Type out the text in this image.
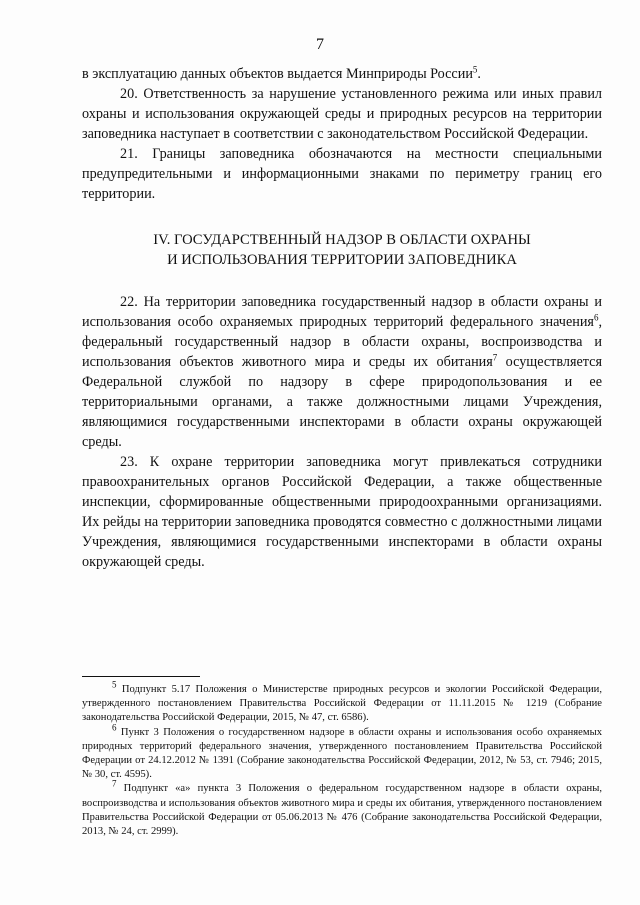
7

в эксплуатацию данных объектов выдается Минприроды России$^5$.

20. Ответственность за нарушение установленного режима или иных правил охраны и использования окружающей среды и природных ресурсов на территории заповедника наступает в соответствии с законодательством Российской Федерации.

21. Границы заповедника обозначаются на местности специальными предупредительными и информационными знаками по периметру границ его территории.

IV. ГОСУДАРСТВЕННЫЙ НАДЗОР В ОБЛАСТИ ОХРАНЫ
И ИСПОЛЬЗОВАНИЯ ТЕРРИТОРИИ ЗАПОВЕДНИКА

22. На территории заповедника государственный надзор в области охраны и использования особо охраняемых природных территорий федерального значения$^6$, федеральный государственный надзор в области охраны, воспроизводства и использования объектов животного мира и среды их обитания$^7$ осуществляется Федеральной службой по надзору в сфере природопользования и ее территориальными органами, а также должностными лицами Учреждения, являющимися государственными инспекторами в области охраны окружающей среды.

23. К охране территории заповедника могут привлекаться сотрудники правоохранительных органов Российской Федерации, а также общественные инспекции, сформированные общественными природоохранными организациями. Их рейды на территории заповедника проводятся совместно с должностными лицами Учреждения, являющимися государственными инспекторами в области охраны окружающей среды.

$^5$ Подпункт 5.17 Положения о Министерстве природных ресурсов и экологии Российской Федерации, утвержденного постановлением Правительства Российской Федерации от 11.11.2015 № 1219 (Собрание законодательства Российской Федерации, 2015, № 47, ст. 6586).

$^6$ Пункт 3 Положения о государственном надзоре в области охраны и использования особо охраняемых природных территорий федерального значения, утвержденного постановлением Правительства Российской Федерации от 24.12.2012 № 1391 (Собрание законодательства Российской Федерации, 2012, № 53, ст. 7946; 2015, № 30, ст. 4595).

$^7$ Подпункт «а» пункта 3 Положения о федеральном государственном надзоре в области охраны, воспроизводства и использования объектов животного мира и среды их обитания, утвержденного постановлением Правительства Российской Федерации от 05.06.2013 № 476 (Собрание законодательства Российской Федерации, 2013, № 24, ст. 2999).
